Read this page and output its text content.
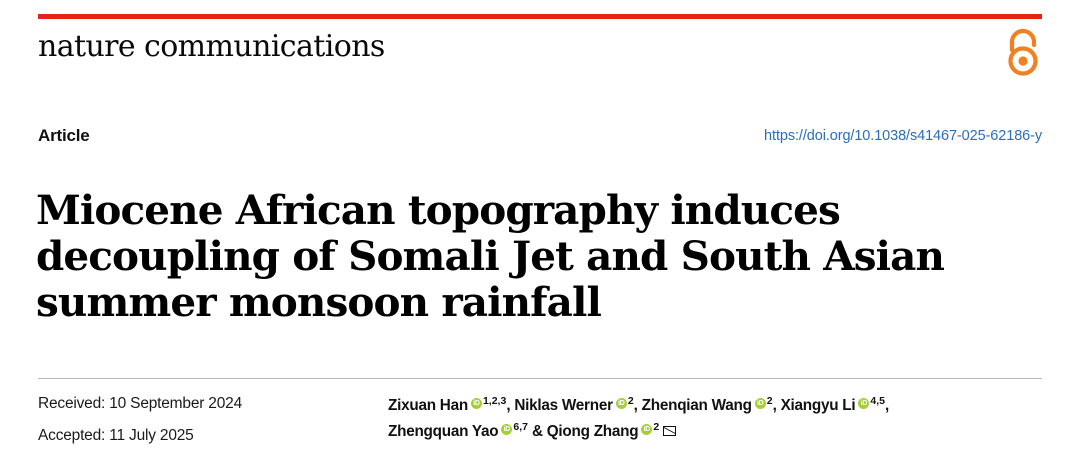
nature communications
Article	https://doi.org/10.1038/s41467-025-62186-y
Miocene African topography induces decoupling of Somali Jet and South Asian summer monsoon rainfall
Received: 10 September 2024
Accepted: 11 July 2025
Zixuan Han iD $^{1,2,3}$, Niklas Werner iD $^2$, Zhenqian Wang iD $^2$, Xiangyu Li iD $^{4,5}$,
Zhengquan Yao iD $^{6,7}$ & Qiong Zhang iD $^2$
